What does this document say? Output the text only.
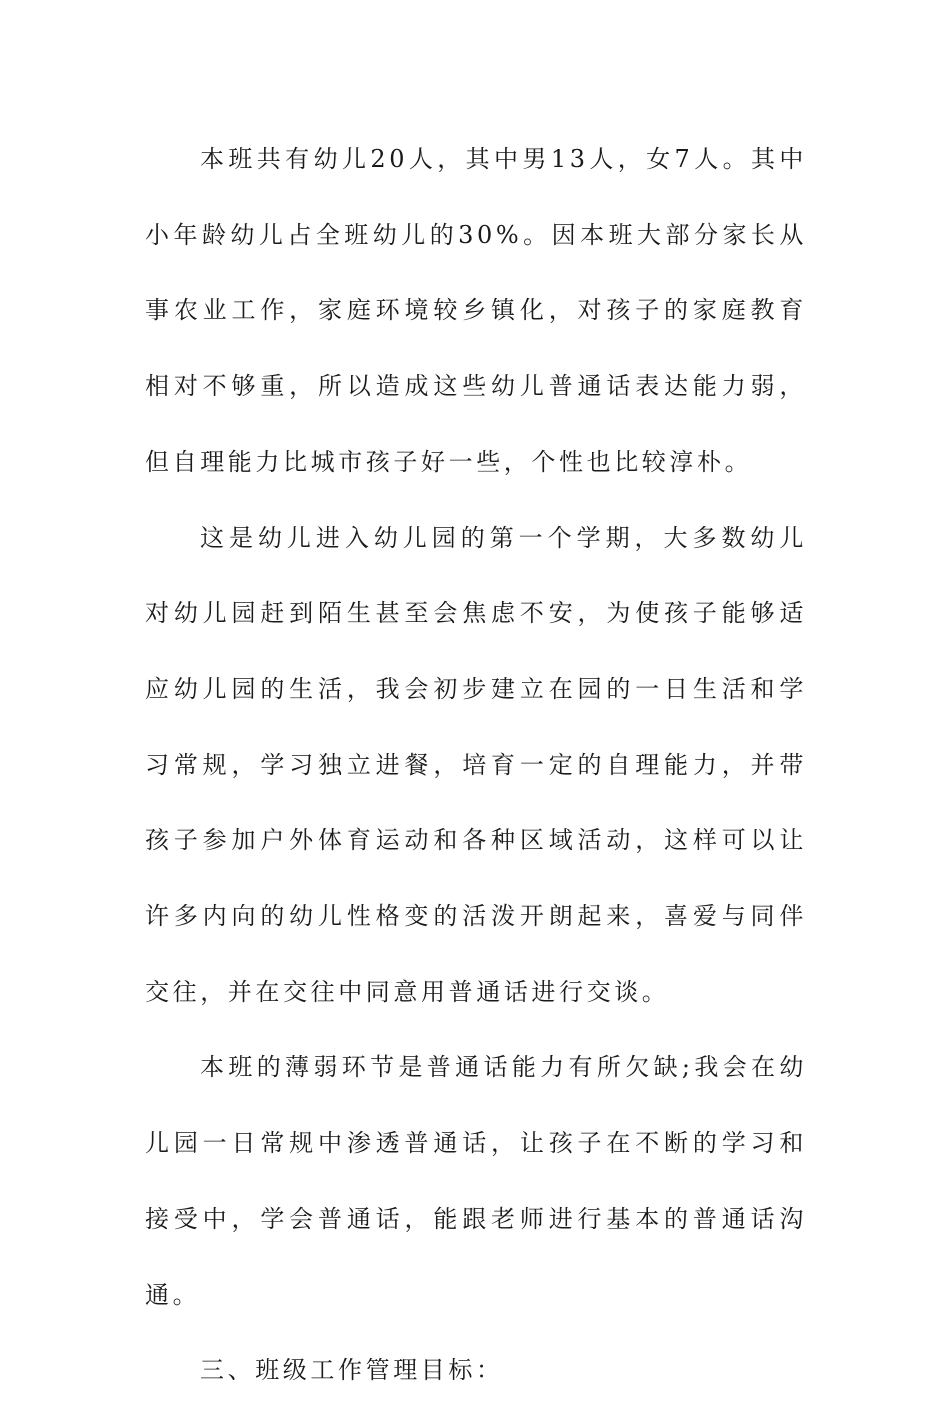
本班共有幼儿20人，其中男13人，女7人。其中小年龄幼儿占全班幼儿的30%。因本班大部分家长从事农业工作，家庭环境较乡镇化，对孩子的家庭教育相对不够重，所以造成这些幼儿普通话表达能力弱，但自理能力比城市孩子好一些，个性也比较淳朴。

这是幼儿进入幼儿园的第一个学期，大多数幼儿对幼儿园赶到陌生甚至会焦虑不安，为使孩子能够适应幼儿园的生活，我会初步建立在园的一日生活和学习常规，学习独立进餐，培育一定的自理能力，并带孩子参加户外体育运动和各种区域活动，这样可以让许多内向的幼儿性格变的活泼开朗起来，喜爱与同伴交往，并在交往中同意用普通话进行交谈。

本班的薄弱环节是普通话能力有所欠缺;我会在幼儿园一日常规中渗透普通话，让孩子在不断的学习和接受中，学会普通话，能跟老师进行基本的普通话沟通。

三、班级工作管理目标：
